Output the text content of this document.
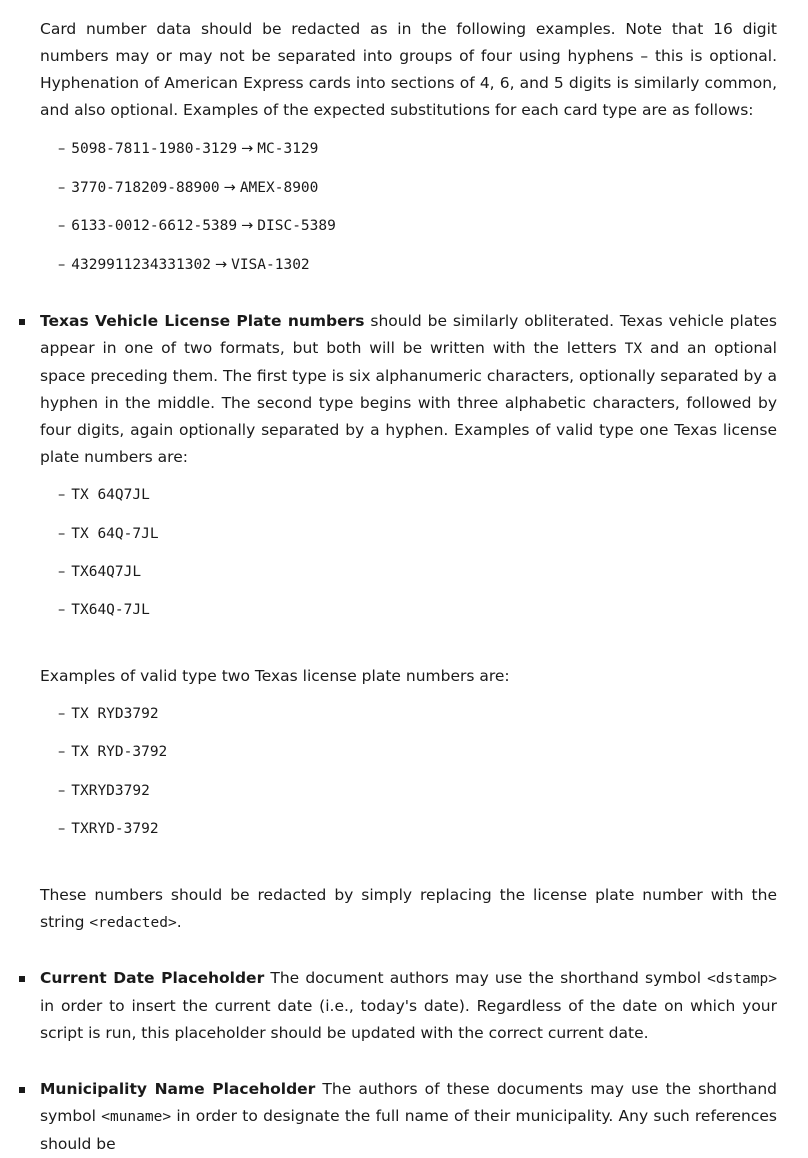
Card number data should be redacted as in the following examples. Note that 16 digit numbers may or may not be separated into groups of four using hyphens – this is optional. Hyphenation of American Express cards into sections of 4, 6, and 5 digits is similarly common, and also optional. Examples of the expected substitutions for each card type are as follows:

– 5098-7811-1980-3129 → MC-3129
– 3770-718209-88900 → AMEX-8900
– 6133-0012-6612-5389 → DISC-5389
– 4329911234331302 → VISA-1302

Texas Vehicle License Plate numbers should be similarly obliterated. Texas vehicle plates appear in one of two formats, but both will be written with the letters TX and an optional space preceding them. The first type is six alphanumeric characters, optionally separated by a hyphen in the middle. The second type begins with three alphabetic characters, followed by four digits, again optionally separated by a hyphen. Examples of valid type one Texas license plate numbers are:

– TX 64Q7JL
– TX 64Q-7JL
– TX64Q7JL
– TX64Q-7JL

Examples of valid type two Texas license plate numbers are:

– TX RYD3792
– TX RYD-3792
– TXRYD3792
– TXRYD-3792

These numbers should be redacted by simply replacing the license plate number with the string <redacted>.

Current Date Placeholder The document authors may use the shorthand symbol <dstamp> in order to insert the current date (i.e., today's date). Regardless of the date on which your script is run, this placeholder should be updated with the correct current date.

Municipality Name Placeholder The authors of these documents may use the shorthand symbol <muname> in order to designate the full name of their municipality. Any such references should be
